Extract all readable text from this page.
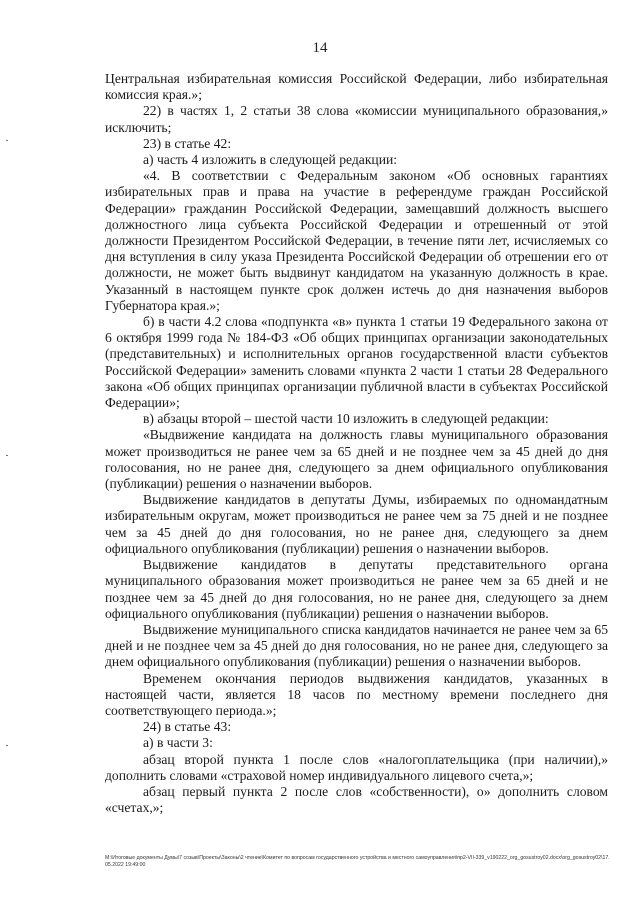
14

Центральная избирательная комиссия Российской Федерации, либо избирательная комиссия края.»;

22) в частях 1, 2 статьи 38 слова «комиссии муниципального образования,» исключить;

23) в статье 42:

а) часть 4 изложить в следующей редакции:

«4. В соответствии с Федеральным законом «Об основных гарантиях избирательных прав и права на участие в референдуме граждан Российской Федерации» гражданин Российской Федерации, замещавший должность высшего должностного лица субъекта Российской Федерации и отрешенный от этой должности Президентом Российской Федерации, в течение пяти лет, исчисляемых со дня вступления в силу указа Президента Российской Федерации об отрешении его от должности, не может быть выдвинут кандидатом на указанную должность в крае. Указанный в настоящем пункте срок должен истечь до дня назначения выборов Губернатора края.»;

б) в части 4.2 слова «подпункта «в» пункта 1 статьи 19 Федерального закона от 6 октября 1999 года № 184-ФЗ «Об общих принципах организации законодательных (представительных) и исполнительных органов государственной власти субъектов Российской Федерации» заменить словами «пункта 2 части 1 статьи 28 Федерального закона «Об общих принципах организации публичной власти в субъектах Российской Федерации»;

в) абзацы второй – шестой части 10 изложить в следующей редакции:

«Выдвижение кандидата на должность главы муниципального образования может производиться не ранее чем за 65 дней и не позднее чем за 45 дней до дня голосования, но не ранее дня, следующего за днем официального опубликования (публикации) решения о назначении выборов.

Выдвижение кандидатов в депутаты Думы, избираемых по одномандатным избирательным округам, может производиться не ранее чем за 75 дней и не позднее чем за 45 дней до дня голосования, но не ранее дня, следующего за днем официального опубликования (публикации) решения о назначении выборов.

Выдвижение кандидатов в депутаты представительного органа муниципального образования может производиться не ранее чем за 65 дней и не позднее чем за 45 дней до дня голосования, но не ранее дня, следующего за днем официального опубликования (публикации) решения о назначении выборов.

Выдвижение муниципального списка кандидатов начинается не ранее чем за 65 дней и не позднее чем за 45 дней до дня голосования, но не ранее дня, следующего за днем официального опубликования (публикации) решения о назначении выборов.

Временем окончания периодов выдвижения кандидатов, указанных в настоящей части, является 18 часов по местному времени последнего дня соответствующего периода.»;

24) в статье 43:

а) в части 3:

абзац второй пункта 1 после слов «налогоплательщика (при наличии),» дополнить словами «страховой номер индивидуального лицевого счета,»;

абзац первый пункта 2 после слов «собственности), о» дополнить словом «счетах,»;

M:\Итоговые документы Думы\7 созыв\Проекты\Законы\2 чтение\Комитет по вопросам государственного устройства и местного самоуправления\пр2-VII-339_v190222_org_gosustroy02.docx\org_gosustroy02\17.05.2022 19:49:00
